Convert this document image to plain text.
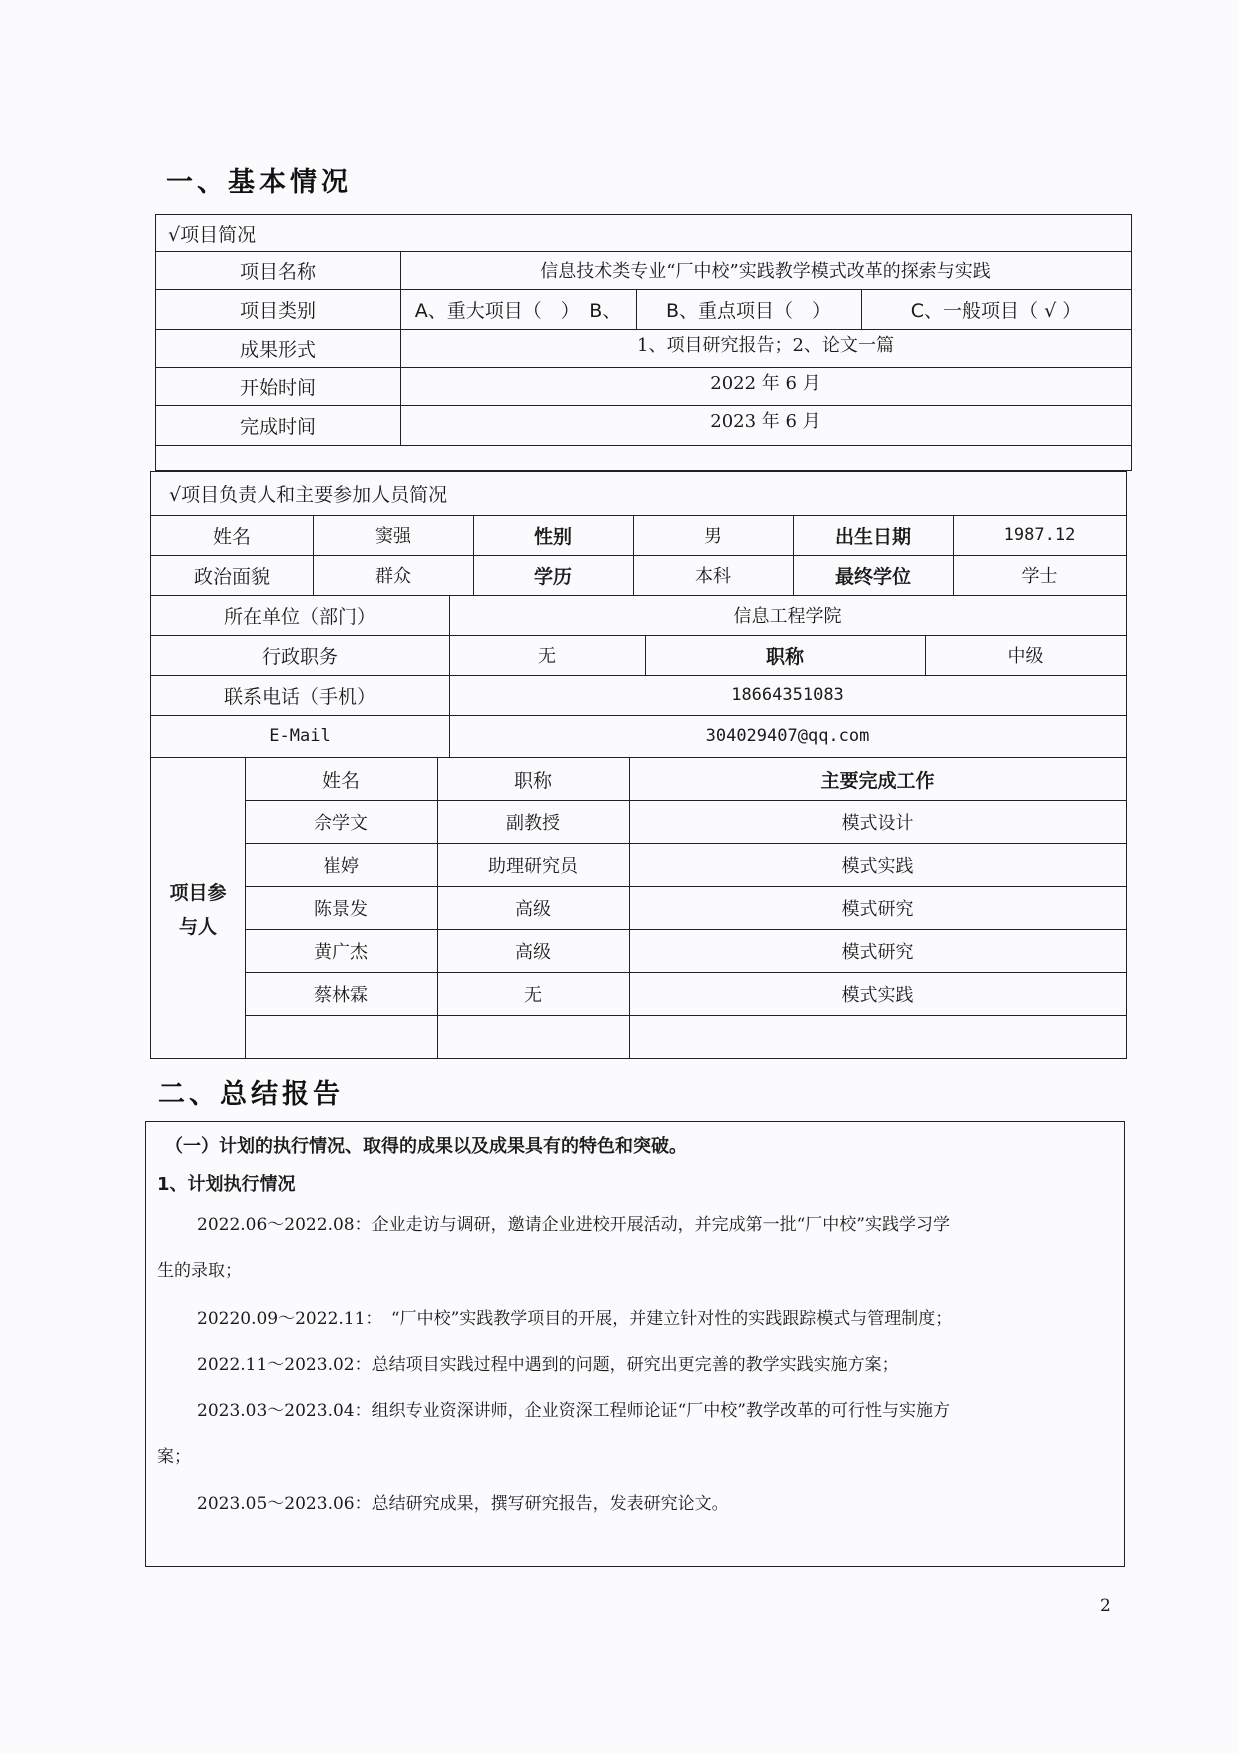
一、基本情况
√项目简况
项目名称	信息技术类专业“厂中校”实践教学模式改革的探索与实践
项目类别	A、重大项目（　）　B、	B、重点项目（　）	C、一般项目（ √ ）
成果形式	1、项目研究报告；2、论文一篇
开始时间	2022 年 6 月
完成时间	2023 年 6 月
√项目负责人和主要参加人员简况
姓名	窦强	性别	男	出生日期	1987.12
政治面貌	群众	学历	本科	最终学位	学士
所在单位（部门）	信息工程学院
行政职务	无	职称	中级
联系电话（手机）	18664351083
E-Mail	304029407@qq.com
项目参
与人
姓名	职称	主要完成工作
佘学文	副教授	模式设计
崔婷	助理研究员	模式实践
陈景发	高级	模式研究
黄广杰	高级	模式研究
蔡林霖	无	模式实践
二、总结报告
（一）计划的执行情况、取得的成果以及成果具有的特色和突破。
1、计划执行情况
2022.06～2022.08：企业走访与调研，邀请企业进校开展活动，并完成第一批“厂中校”实践学习学
生的录取；
20220.09～2022.11：　“厂中校”实践教学项目的开展，并建立针对性的实践跟踪模式与管理制度；
2022.11～2023.02：总结项目实践过程中遇到的问题，研究出更完善的教学实践实施方案；
2023.03～2023.04：组织专业资深讲师，企业资深工程师论证“厂中校”教学改革的可行性与实施方
案；
2023.05～2023.06：总结研究成果，撰写研究报告，发表研究论文。
2
